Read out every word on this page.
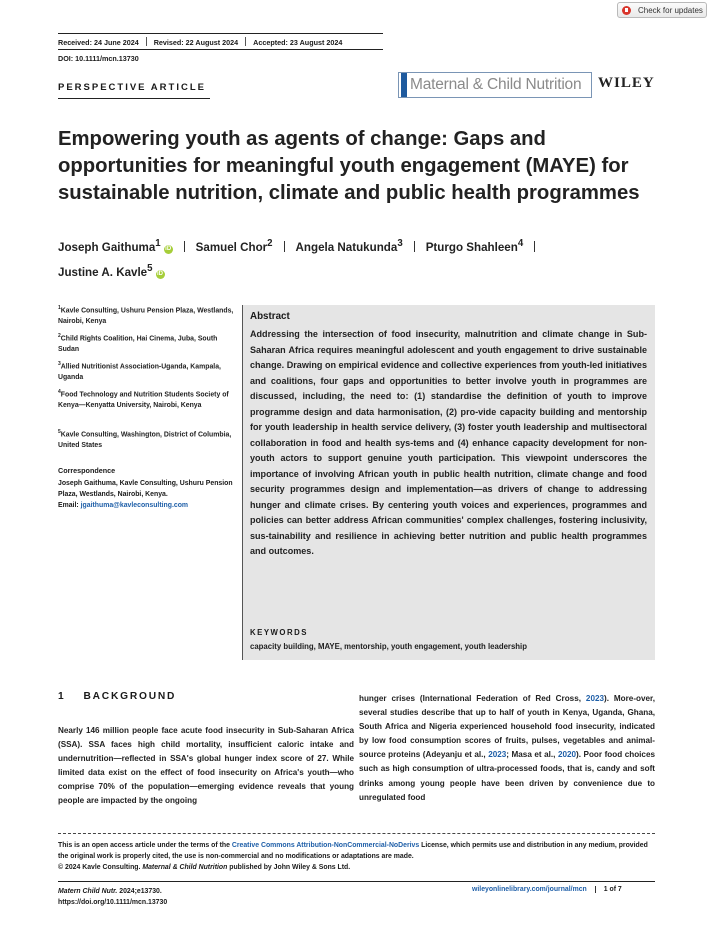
Check for updates
Received: 24 June 2024 Revised: 22 August 2024 Accepted: 23 August 2024
DOI: 10.1111/mcn.13730
PERSPECTIVE ARTICLE	Maternal & Child Nutrition WILEY
Empowering youth as agents of change: Gaps and opportunities for meaningful youth engagement (MAYE) for sustainable nutrition, climate and public health programmes
Joseph Gaithuma$^1$ iD Samuel Chor$^2$ Angela Natukunda$^3$ Pturgo Shahleen$^4$
Justine A. Kavle$^5$ iD
$^1$Kavle Consulting, Ushuru Pension Plaza, Westlands, Nairobi, Kenya
$^2$Child Rights Coalition, Hai Cinema, Juba, South Sudan
$^3$Allied Nutritionist Association-Uganda, Kampala, Uganda
$^4$Food Technology and Nutrition Students Society of Kenya—Kenyatta University, Nairobi, Kenya
$^5$Kavle Consulting, Washington, District of Columbia, United States
Correspondence
Joseph Gaithuma, Kavle Consulting, Ushuru Pension Plaza, Westlands, Nairobi, Kenya.
Email: jgaithuma@kavleconsulting.com
Abstract

Addressing the intersection of food insecurity, malnutrition and climate change in Sub-Saharan Africa requires meaningful adolescent and youth engagement to drive sustainable change. Drawing on empirical evidence and collective experiences from youth-led initiatives and coalitions, four gaps and opportunities to better involve youth in programmes are discussed, including, the need to: (1) standardise the definition of youth to improve programme design and data harmonisation, (2) pro-vide capacity building and mentorship for youth leadership in health service delivery, (3) foster youth leadership and multisectoral collaboration in food and health sys-tems and (4) enhance capacity development for non-youth actors to support genuine youth participation. This viewpoint underscores the importance of involving African youth in public health nutrition, climate change and food security programmes design and implementation—as drivers of change to addressing hunger and climate crises. By centering youth voices and experiences, programmes and policies can better address African communities' complex challenges, fostering inclusivity, sus-tainability and resilience in achieving better nutrition and public health programmes and outcomes.

KEYWORDS
capacity building, MAYE, mentorship, youth engagement, youth leadership
1 BACKGROUND

Nearly 146 million people face acute food insecurity in Sub-Saharan Africa (SSA). SSA faces high child mortality, insufficient caloric intake and undernutrition—reflected in SSA's global hunger index score of 27. While limited data exist on the effect of food insecurity on Africa's youth—who comprise 70% of the population—emerging evidence reveals that young people are impacted by the ongoing

hunger crises (International Federation of Red Cross, 2023). More-over, several studies describe that up to half of youth in Kenya, Uganda, Ghana, South Africa and Nigeria experienced household food insecurity, indicated by low food consumption scores of fruits, pulses, vegetables and animal-source proteins (Adeyanju et al., 2023; Masa et al., 2020). Poor food choices such as high consumption of ultra-processed foods, that is, candy and soft drinks among young people have been driven by convenience due to unregulated food

This is an open access article under the terms of the Creative Commons Attribution-NonCommercial-NoDerivs License, which permits use and distribution in any medium, provided the original work is properly cited, the use is non-commercial and no modifications or adaptations are made.
© 2024 Kavle Consulting. Maternal & Child Nutrition published by John Wiley & Sons Ltd.

Matern Child Nutr. 2024;e13730.
https://doi.org/10.1111/mcn.13730
wileyonlinelibrary.com/journal/mcn 1 of 7
